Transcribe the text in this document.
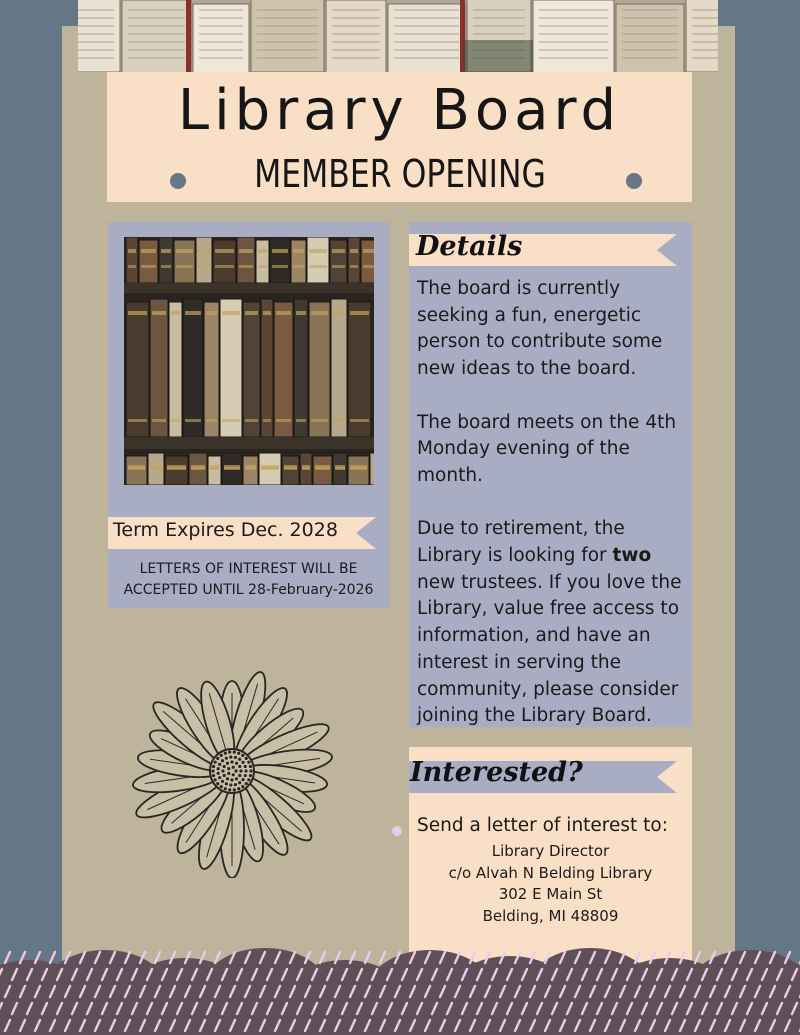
Library Board
MEMBER OPENING
Term Expires Dec. 2028
LETTERS OF INTEREST WILL BE
ACCEPTED UNTIL 28-February-2026
Details

The board is currently seeking a fun, energetic person to contribute some new ideas to the board.

The board meets on the 4th Monday evening of the month.

Due to retirement, the Library is looking for two new trustees. If you love the Library, value free access to information, and have an interest in serving the community, please consider joining the Library Board.

Interested?
Send a letter of interest to:
Library Director
c/o Alvah N Belding Library
302 E Main St
Belding, MI 48809
